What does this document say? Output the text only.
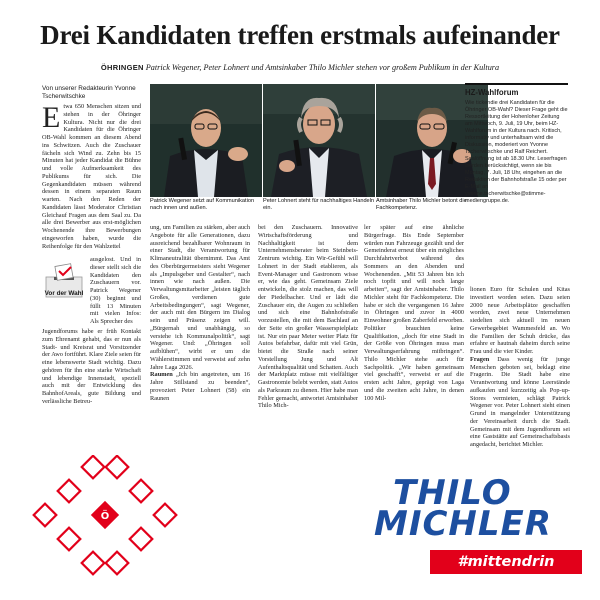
Drei Kandidaten treffen erstmals aufeinander
ÖHRINGEN Patrick Wegener, Peter Lohnert und Amtsinkaber Thilo Michler stehen vor großem Publikum in der Kultura
Von unserer Redakteurin Yvonne Tscherwitschke
E twa 650 Menschen sitzen und stehen in der Öhringer Kultura. Nicht nur die drei Kandidaten für die Öhringer OB-Wahl kommen an diesem Abend ins Schwitzen. Auch die Zuschauer fächeln sich Wind zu. Zehn bis 15 Minuten hat jeder Kandidat die Bühne und volle Aufmerksamkeit des Publikums für sich. Die Gegenkandidaten müssen während dessen in einem separaten Raum warten. Nach den Reden der Kandidaten lässt Moderator Christian Gleichauf Fragen aus dem Saal zu. Da alle drei Bewerber aus erst-möglichen Wochenende ihre Bewerbungen eingeworfen haben, wurde die Reihenfolge für den Wahlzettel
ausgelost. Und in dieser stellt sich die Kandidaten den Zuschauern vor. Patrick Wegener (30) beginnt und füllt 13 Minuten mit vielen Infos: Als Sprecher des
Jugendforums habe er früh Kontakt zum Ehrenamt gehabt, das er nun als Stadt- und Kreisrat und Vorsitzender der Awo fortführt. Klare Ziele seien für eine lebenswerte Stadt wichtig. Dazu gehören für ihn eine starke Wirtschaft und lebendige Innenstadt, speziell auch mit der Entwicklung des BahnhofAreals, gute Bildung und verlässliche Betreu-
Vor der Wahl
Patrick Wegener setzt auf Kommunikation nach innen und außen.
Peter Lohnert steht für nachhaltiges Handeln ein.
Amtsinhaber Thilo Michler betont die Fachkompetenz.
ung, um Familien zu stärken, aber auch Angebote für alle Generationen, dazu ausreichend bezahlbarer Wohnraum in einer Stadt, die Verantwortung für Klimaneutralität übernimmt. Das Amt des Oberbürgermeisters sieht Wegener als „Impulsgeber und Gestalter“, nach innen wie nach außen. Die Verwaltungsmitarbeiter „leisten täglich Großes, verdienen gute Arbeitsbedingungen“, sagt Wegener, der auch mit den Bürgern im Dialog sein und Präsenz zeigen will. „Bürgernah und unabhängig, so verstehe ich Kommunalpolitik“, sagt Wegener. Und: „Öhringen soll aufblühen“, wirbt er um die Wählerstimmen und verweist auf zehn Jahre Laga 2026.
Raumen „Ich bin angetreten, um 16 Jahre Stillstand zu beenden“, provoziert Peter Lohnert (58) ein Raunen
bei den Zuschauern. Innovative Wirtschaftsförderung und Nachhaltigkeit ist dem Unternehmensberater beim Steinbeis-Zentrum wichtig. Ein Wir-Gefühl will Lohnert in der Stadt etablieren, als Event-Manager und Gastronom wisse er, wie das geht. Gemeinsam Ziele entwickeln, die stolz machen, das will der Piedelbacher. Und er lädt die Zuschauer ein, die Augen zu schließen und sich eine Bahnhofstraße vorzustellen, die mit dem Bachlauf an der Seite ein großer Wasserspielplatz ist. Nur ein paar Meter weiter Platz für Autos befahrbar, dafür mit viel Grün, bietet die Straße nach seiner Vorstellung Jung und Alt Aufenthaltsqualität und Schatten. Auch der Marktplatz müsse mit vielfältiger Gastronomie belebt werden, statt Autos als Parkraum zu dienen. Hier habe man Fehler gemacht, antwortet Amtsinhaber Thilo Mich-
ler später auf eine ähnliche Bürgerfrage. Bis Ende September würden nun Fahrzeuge gezählt und der Gemeinderat erneut über ein mögliches Durchfahrtverbot während des Sommers an den Abenden und Wochenenden. „Mit 53 Jahren bin ich noch topfit und will noch lange arbeiten“, sagt der Amtsinhaber. Thilo Michler steht für Fachkompetenz. Die habe er sich die vergangenen 16 Jahre in Öhringen und zuvor in 4000 Einwohner großen Zaberfeld erworben. Politiker brauchten keine Qualifikation, „doch für eine Stadt in der Größe von Öhringen muss man Verwaltungserfahrung mitbringen“. Thilo Michler stehe auch für Sachpolitik. „Wir haben gemeinsam viel geschafft“, verweist er auf die ersten acht Jahre, geprägt von Laga und die zweiten acht Jahre, in denen 100 Mil-
lionen Euro für Schulen und Kitas investiert worden seien. Dazu seien 2000 neue Arbeitsplätze geschaffen worden, zwei neue Unternehmen siedelten sich aktuell im neuen Gewerbegebiet Wammesfeld an. Wo die Familien der Schuh drücke, das erfahre er hautnah daheim durch seine Frau und die vier Kinder.
Fragen Dass wenig für junge Menschen geboten sei, beklagt eine Fragerin. Die Stadt habe eine Verantwortung und könne Leerstände aufkaufen und kurzzeitig als Pop-up-Stores vermieten, schlägt Patrick Wegener vor. Peter Lohnert sieht einen Grund in mangelnder Unterstützung der Vereinsarbeit durch die Stadt. Gemeinsam mit dem Jugendforum sei eine Gaststätte auf Gemeinschaftsbasis angedacht, berichtet Michler.
HZ-Wahlforum
Wie tickendie drei Kandidaten für die Öhringer OB-Wahl? Dieser Frage geht die Ressortleitung der Hohenloher Zeitung am Mittwoch, 9. Juli, 19 Uhr, beim HZ-Wahlforum in der Kultura nach. Kritisch, informativ und unterhaltsam wird die Diskussion, moderiert von Yvonne Tscherwitschke und Ralf Reichert. Saalöffnung ist ab 18.30 Uhr. Leserfragen werden berücksichtigt, wenn sie bis Montag, 7. Juli, 18 Uhr, eingehen an die Redaktion der Bahnhofstraße 15 oder per E-Mail an yvonne.tscherwitschke@stimme-mediengruppe.de.
Ö
THILO
MICHLER
#mittendrin
